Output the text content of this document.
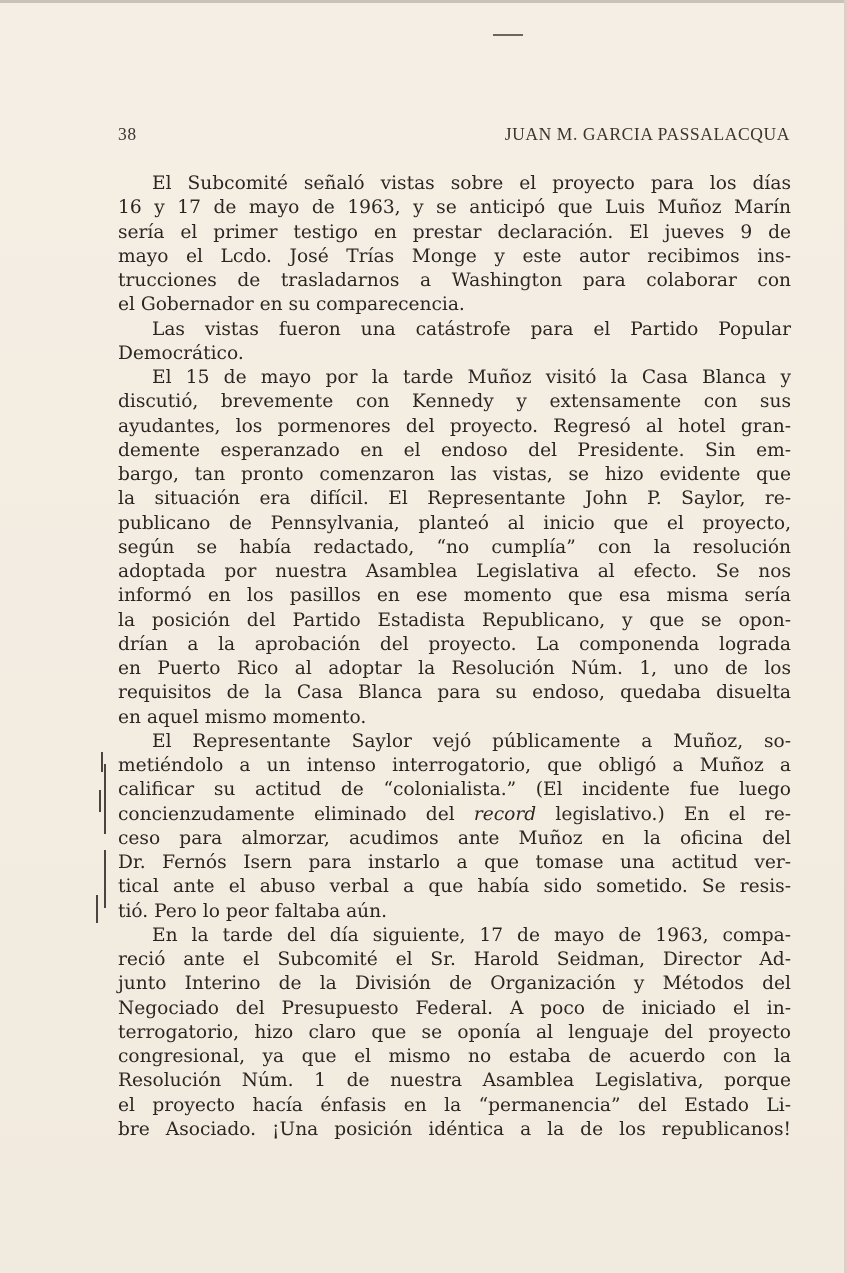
38	JUAN M. GARCIA PASSALACQUA
El Subcomité señaló vistas sobre el proyecto para los días
16 y 17 de mayo de 1963, y se anticipó que Luis Muñoz Marín
sería el primer testigo en prestar declaración. El jueves 9 de
mayo el Lcdo. José Trías Monge y este autor recibimos ins-
trucciones de trasladarnos a Washington para colaborar con
el Gobernador en su comparecencia.
Las vistas fueron una catástrofe para el Partido Popular
Democrático.
El 15 de mayo por la tarde Muñoz visitó la Casa Blanca y
discutió, brevemente con Kennedy y extensamente con sus
ayudantes, los pormenores del proyecto. Regresó al hotel gran-
demente esperanzado en el endoso del Presidente. Sin em-
bargo, tan pronto comenzaron las vistas, se hizo evidente que
la situación era difícil. El Representante John P. Saylor, re-
publicano de Pennsylvania, planteó al inicio que el proyecto,
según se había redactado, “no cumplía” con la resolución
adoptada por nuestra Asamblea Legislativa al efecto. Se nos
informó en los pasillos en ese momento que esa misma sería
la posición del Partido Estadista Republicano, y que se opon-
drían a la aprobación del proyecto. La componenda lograda
en Puerto Rico al adoptar la Resolución Núm. 1, uno de los
requisitos de la Casa Blanca para su endoso, quedaba disuelta
en aquel mismo momento.
El Representante Saylor vejó públicamente a Muñoz, so-
metiéndolo a un intenso interrogatorio, que obligó a Muñoz a
calificar su actitud de “colonialista.” (El incidente fue luego
concienzudamente eliminado del record legislativo.) En el re-
ceso para almorzar, acudimos ante Muñoz en la oficina del
Dr. Fernós Isern para instarlo a que tomase una actitud ver-
tical ante el abuso verbal a que había sido sometido. Se resis-
tió. Pero lo peor faltaba aún.
En la tarde del día siguiente, 17 de mayo de 1963, compa-
reció ante el Subcomité el Sr. Harold Seidman, Director Ad-
junto Interino de la División de Organización y Métodos del
Negociado del Presupuesto Federal. A poco de iniciado el in-
terrogatorio, hizo claro que se oponía al lenguaje del proyecto
congresional, ya que el mismo no estaba de acuerdo con la
Resolución Núm. 1 de nuestra Asamblea Legislativa, porque
el proyecto hacía énfasis en la “permanencia” del Estado Li-
bre Asociado. ¡Una posición idéntica a la de los republicanos!
